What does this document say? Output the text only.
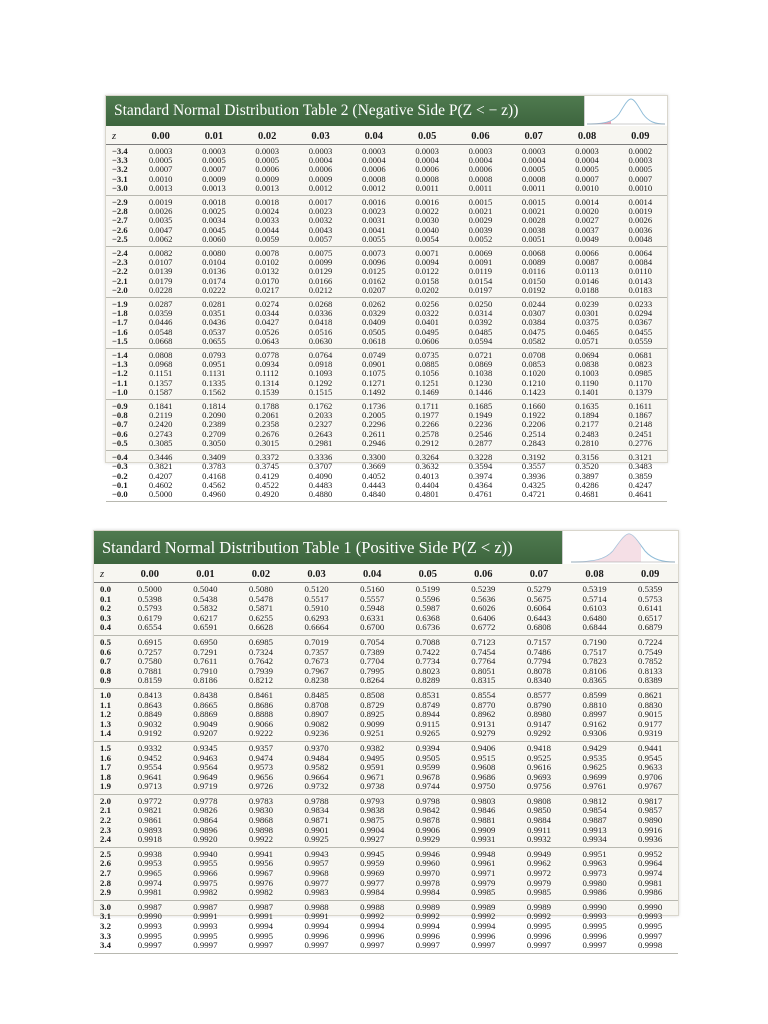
Standard Normal Distribution Table 2 (Negative Side P(Z < − z))
z	0.00	0.01	0.02	0.03	0.04	0.05	0.06	0.07	0.08	0.09
−3.4	0.0003	0.0003	0.0003	0.0003	0.0003	0.0003	0.0003	0.0003	0.0003	0.0002
−3.3	0.0005	0.0005	0.0005	0.0004	0.0004	0.0004	0.0004	0.0004	0.0004	0.0003
−3.2	0.0007	0.0007	0.0006	0.0006	0.0006	0.0006	0.0006	0.0005	0.0005	0.0005
−3.1	0.0010	0.0009	0.0009	0.0009	0.0008	0.0008	0.0008	0.0008	0.0007	0.0007
−3.0	0.0013	0.0013	0.0013	0.0012	0.0012	0.0011	0.0011	0.0011	0.0010	0.0010
−2.9	0.0019	0.0018	0.0018	0.0017	0.0016	0.0016	0.0015	0.0015	0.0014	0.0014
−2.8	0.0026	0.0025	0.0024	0.0023	0.0023	0.0022	0.0021	0.0021	0.0020	0.0019
−2.7	0.0035	0.0034	0.0033	0.0032	0.0031	0.0030	0.0029	0.0028	0.0027	0.0026
−2.6	0.0047	0.0045	0.0044	0.0043	0.0041	0.0040	0.0039	0.0038	0.0037	0.0036
−2.5	0.0062	0.0060	0.0059	0.0057	0.0055	0.0054	0.0052	0.0051	0.0049	0.0048
−2.4	0.0082	0.0080	0.0078	0.0075	0.0073	0.0071	0.0069	0.0068	0.0066	0.0064
−2.3	0.0107	0.0104	0.0102	0.0099	0.0096	0.0094	0.0091	0.0089	0.0087	0.0084
−2.2	0.0139	0.0136	0.0132	0.0129	0.0125	0.0122	0.0119	0.0116	0.0113	0.0110
−2.1	0.0179	0.0174	0.0170	0.0166	0.0162	0.0158	0.0154	0.0150	0.0146	0.0143
−2.0	0.0228	0.0222	0.0217	0.0212	0.0207	0.0202	0.0197	0.0192	0.0188	0.0183
−1.9	0.0287	0.0281	0.0274	0.0268	0.0262	0.0256	0.0250	0.0244	0.0239	0.0233
−1.8	0.0359	0.0351	0.0344	0.0336	0.0329	0.0322	0.0314	0.0307	0.0301	0.0294
−1.7	0.0446	0.0436	0.0427	0.0418	0.0409	0.0401	0.0392	0.0384	0.0375	0.0367
−1.6	0.0548	0.0537	0.0526	0.0516	0.0505	0.0495	0.0485	0.0475	0.0465	0.0455
−1.5	0.0668	0.0655	0.0643	0.0630	0.0618	0.0606	0.0594	0.0582	0.0571	0.0559
−1.4	0.0808	0.0793	0.0778	0.0764	0.0749	0.0735	0.0721	0.0708	0.0694	0.0681
−1.3	0.0968	0.0951	0.0934	0.0918	0.0901	0.0885	0.0869	0.0853	0.0838	0.0823
−1.2	0.1151	0.1131	0.1112	0.1093	0.1075	0.1056	0.1038	0.1020	0.1003	0.0985
−1.1	0.1357	0.1335	0.1314	0.1292	0.1271	0.1251	0.1230	0.1210	0.1190	0.1170
−1.0	0.1587	0.1562	0.1539	0.1515	0.1492	0.1469	0.1446	0.1423	0.1401	0.1379
−0.9	0.1841	0.1814	0.1788	0.1762	0.1736	0.1711	0.1685	0.1660	0.1635	0.1611
−0.8	0.2119	0.2090	0.2061	0.2033	0.2005	0.1977	0.1949	0.1922	0.1894	0.1867
−0.7	0.2420	0.2389	0.2358	0.2327	0.2296	0.2266	0.2236	0.2206	0.2177	0.2148
−0.6	0.2743	0.2709	0.2676	0.2643	0.2611	0.2578	0.2546	0.2514	0.2483	0.2451
−0.5	0.3085	0.3050	0.3015	0.2981	0.2946	0.2912	0.2877	0.2843	0.2810	0.2776
−0.4	0.3446	0.3409	0.3372	0.3336	0.3300	0.3264	0.3228	0.3192	0.3156	0.3121
−0.3	0.3821	0.3783	0.3745	0.3707	0.3669	0.3632	0.3594	0.3557	0.3520	0.3483
−0.2	0.4207	0.4168	0.4129	0.4090	0.4052	0.4013	0.3974	0.3936	0.3897	0.3859
−0.1	0.4602	0.4562	0.4522	0.4483	0.4443	0.4404	0.4364	0.4325	0.4286	0.4247
−0.0	0.5000	0.4960	0.4920	0.4880	0.4840	0.4801	0.4761	0.4721	0.4681	0.4641
Standard Normal Distribution Table 1 (Positive Side P(Z < z))
z	0.00	0.01	0.02	0.03	0.04	0.05	0.06	0.07	0.08	0.09
0.0	0.5000	0.5040	0.5080	0.5120	0.5160	0.5199	0.5239	0.5279	0.5319	0.5359
0.1	0.5398	0.5438	0.5478	0.5517	0.5557	0.5596	0.5636	0.5675	0.5714	0.5753
0.2	0.5793	0.5832	0.5871	0.5910	0.5948	0.5987	0.6026	0.6064	0.6103	0.6141
0.3	0.6179	0.6217	0.6255	0.6293	0.6331	0.6368	0.6406	0.6443	0.6480	0.6517
0.4	0.6554	0.6591	0.6628	0.6664	0.6700	0.6736	0.6772	0.6808	0.6844	0.6879
0.5	0.6915	0.6950	0.6985	0.7019	0.7054	0.7088	0.7123	0.7157	0.7190	0.7224
0.6	0.7257	0.7291	0.7324	0.7357	0.7389	0.7422	0.7454	0.7486	0.7517	0.7549
0.7	0.7580	0.7611	0.7642	0.7673	0.7704	0.7734	0.7764	0.7794	0.7823	0.7852
0.8	0.7881	0.7910	0.7939	0.7967	0.7995	0.8023	0.8051	0.8078	0.8106	0.8133
0.9	0.8159	0.8186	0.8212	0.8238	0.8264	0.8289	0.8315	0.8340	0.8365	0.8389
1.0	0.8413	0.8438	0.8461	0.8485	0.8508	0.8531	0.8554	0.8577	0.8599	0.8621
1.1	0.8643	0.8665	0.8686	0.8708	0.8729	0.8749	0.8770	0.8790	0.8810	0.8830
1.2	0.8849	0.8869	0.8888	0.8907	0.8925	0.8944	0.8962	0.8980	0.8997	0.9015
1.3	0.9032	0.9049	0.9066	0.9082	0.9099	0.9115	0.9131	0.9147	0.9162	0.9177
1.4	0.9192	0.9207	0.9222	0.9236	0.9251	0.9265	0.9279	0.9292	0.9306	0.9319
1.5	0.9332	0.9345	0.9357	0.9370	0.9382	0.9394	0.9406	0.9418	0.9429	0.9441
1.6	0.9452	0.9463	0.9474	0.9484	0.9495	0.9505	0.9515	0.9525	0.9535	0.9545
1.7	0.9554	0.9564	0.9573	0.9582	0.9591	0.9599	0.9608	0.9616	0.9625	0.9633
1.8	0.9641	0.9649	0.9656	0.9664	0.9671	0.9678	0.9686	0.9693	0.9699	0.9706
1.9	0.9713	0.9719	0.9726	0.9732	0.9738	0.9744	0.9750	0.9756	0.9761	0.9767
2.0	0.9772	0.9778	0.9783	0.9788	0.9793	0.9798	0.9803	0.9808	0.9812	0.9817
2.1	0.9821	0.9826	0.9830	0.9834	0.9838	0.9842	0.9846	0.9850	0.9854	0.9857
2.2	0.9861	0.9864	0.9868	0.9871	0.9875	0.9878	0.9881	0.9884	0.9887	0.9890
2.3	0.9893	0.9896	0.9898	0.9901	0.9904	0.9906	0.9909	0.9911	0.9913	0.9916
2.4	0.9918	0.9920	0.9922	0.9925	0.9927	0.9929	0.9931	0.9932	0.9934	0.9936
2.5	0.9938	0.9940	0.9941	0.9943	0.9945	0.9946	0.9948	0.9949	0.9951	0.9952
2.6	0.9953	0.9955	0.9956	0.9957	0.9959	0.9960	0.9961	0.9962	0.9963	0.9964
2.7	0.9965	0.9966	0.9967	0.9968	0.9969	0.9970	0.9971	0.9972	0.9973	0.9974
2.8	0.9974	0.9975	0.9976	0.9977	0.9977	0.9978	0.9979	0.9979	0.9980	0.9981
2.9	0.9981	0.9982	0.9982	0.9983	0.9984	0.9984	0.9985	0.9985	0.9986	0.9986
3.0	0.9987	0.9987	0.9987	0.9988	0.9988	0.9989	0.9989	0.9989	0.9990	0.9990
3.1	0.9990	0.9991	0.9991	0.9991	0.9992	0.9992	0.9992	0.9992	0.9993	0.9993
3.2	0.9993	0.9993	0.9994	0.9994	0.9994	0.9994	0.9994	0.9995	0.9995	0.9995
3.3	0.9995	0.9995	0.9995	0.9996	0.9996	0.9996	0.9996	0.9996	0.9996	0.9997
3.4	0.9997	0.9997	0.9997	0.9997	0.9997	0.9997	0.9997	0.9997	0.9997	0.9998
